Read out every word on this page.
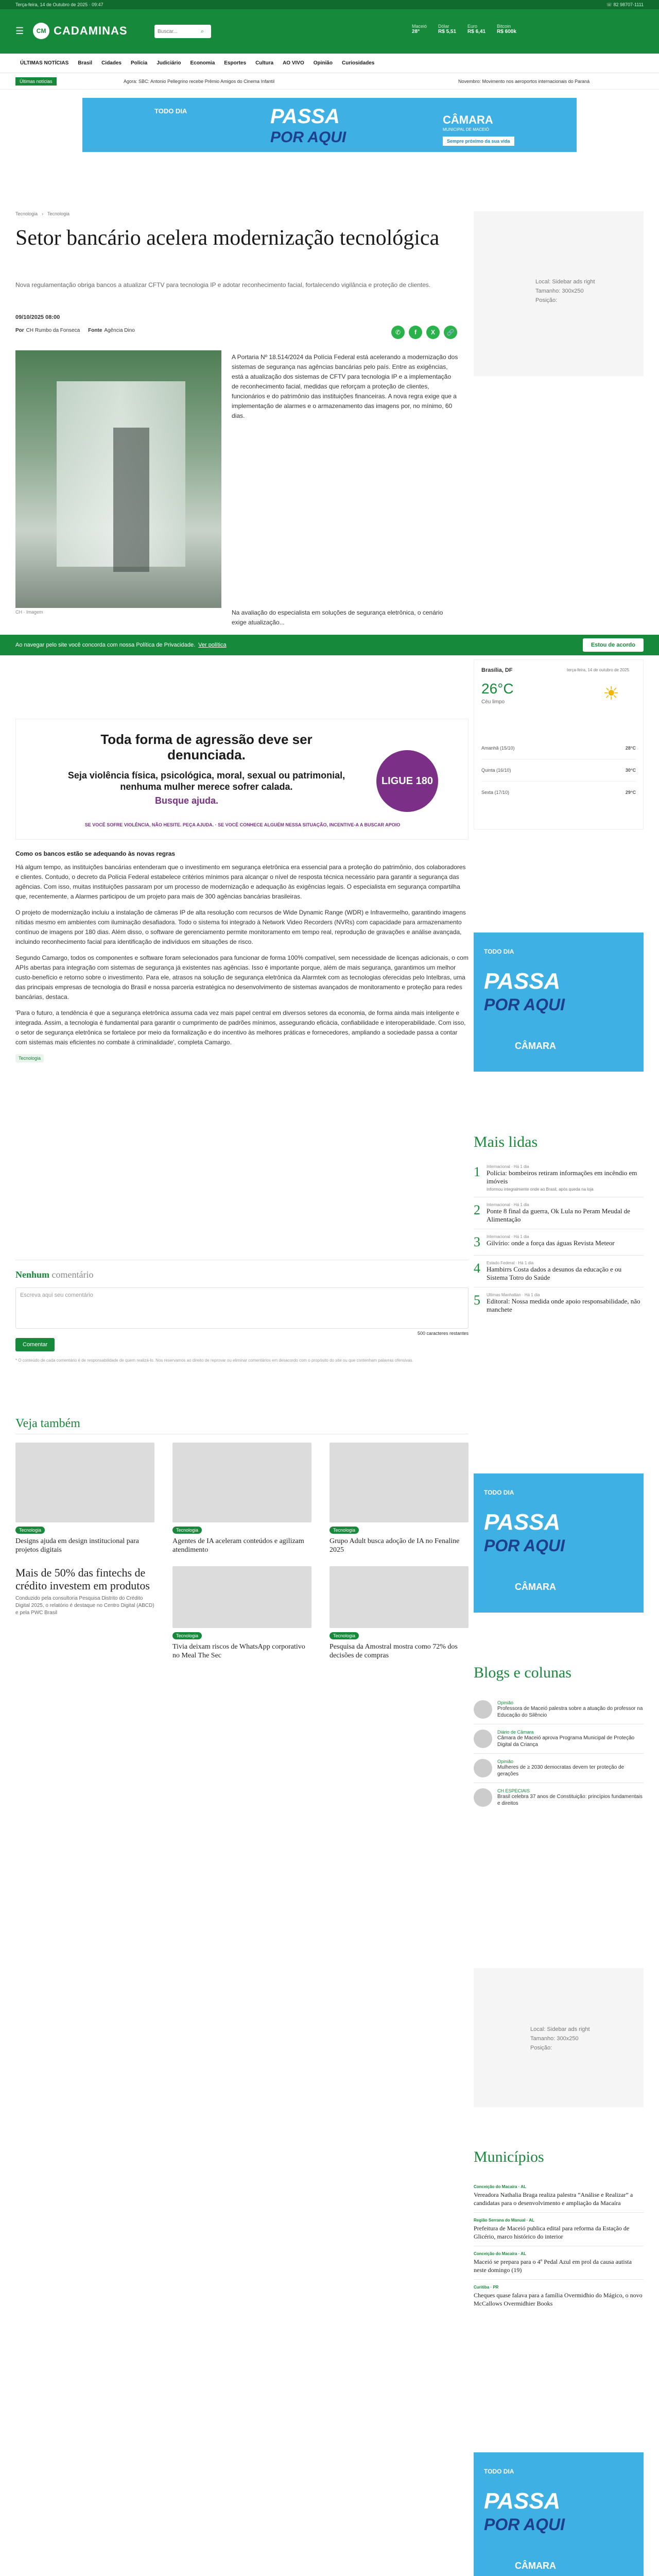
Terça-feira, 14 de Outubro de 2025 · 09:47	☏ 82 98707-1111
☰	CM CADAMINAS
Buscar...	⌕
Maceió
28°
Dólar
R$ 5,51
Euro
R$ 6,41
Bitcoin
R$ 600k
ÚLTIMAS NOTÍCIAS	Brasil	Cidades	Polícia	Judiciário	Economia	Esportes	Cultura	AO VIVO	Opinião	Curiosidades
Últimas notícias	Agora: SBC: Antonio Pellegrino recebe Prêmio Amigos do Cinema Infantil	Novembro: Movimento nos aeroportos internacionais do Paraná
TODO DIA	PASSA
POR AQUI
CÂMARA
MUNICIPAL DE MACEIÓ
Sempre próximo da sua vida
Tecnologia › Tecnologia
Setor bancário acelera modernização tecnológica
Nova regulamentação obriga bancos a atualizar CFTV para tecnologia IP e adotar reconhecimento facial, fortalecendo vigilância e proteção de clientes.
09/10/2025 08:00
Por CH Rumbo da Fonseca Fonte Agência Dino	✆	f	X	🔗
Local: Sidebar ads right
Tamanho: 300x250
Posição:
CH · Imagem
A Portaria Nº 18.514/2024 da Polícia Federal está acelerando a modernização dos sistemas de segurança nas agências bancárias pelo país. Entre as exigências, está a atualização dos sistemas de CFTV para tecnologia IP e a implementação de reconhecimento facial, medidas que reforçam a proteção de clientes, funcionários e do patrimônio das instituições financeiras. A nova regra exige que a implementação de alarmes e o armazenamento das imagens por, no mínimo, 60 dias.
Na avaliação do especialista em soluções de segurança eletrônica, o cenário exige atualização...
Ao navegar pelo site você concorda com nossa Política de Privacidade. Ver política	Estou de acordo
Toda forma de agressão deve ser denunciada.
Seja violência física, psicológica, moral, sexual ou patrimonial, nenhuma mulher merece sofrer calada.
Busque ajuda.
LIGUE 180
SE VOCÊ SOFRE VIOLÊNCIA, NÃO HESITE. PEÇA AJUDA. · SE VOCÊ CONHECE ALGUÉM NESSA SITUAÇÃO, INCENTIVE-A A BUSCAR APOIO
Como os bancos estão se adequando às novas regras

Há algum tempo, as instituições bancárias entenderam que o investimento em segurança eletrônica era essencial para a proteção do patrimônio, dos colaboradores e clientes. Contudo, o decreto da Polícia Federal estabelece critérios mínimos para alcançar o nível de resposta técnica necessário para garantir a segurança das agências. Com isso, muitas instituições passaram por um processo de modernização e adequação às exigências legais. O especialista em segurança compartilha que, recentemente, a Alarmes participou de um projeto para mais de 300 agências bancárias brasileiras.

O projeto de modernização incluiu a instalação de câmeras IP de alta resolução com recursos de Wide Dynamic Range (WDR) e Infravermelho, garantindo imagens nítidas mesmo em ambientes com iluminação desafiadora. Todo o sistema foi integrado à Network Video Recorders (NVRs) com capacidade para armazenamento contínuo de imagens por 180 dias. Além disso, o software de gerenciamento permite monitoramento em tempo real, reprodução de gravações e análise avançada, incluindo reconhecimento facial para identificação de indivíduos em situações de risco.

Segundo Camargo, todos os componentes e software foram selecionados para funcionar de forma 100% compatível, sem necessidade de licenças adicionais, o com APIs abertas para integração com sistemas de segurança já existentes nas agências. Isso é importante porque, além de mais segurança, garantimos um melhor custo-benefício e retorno sobre o investimento. Para ele, atrasos na solução de segurança eletrônica da Alarmtek com as tecnologias oferecidas pelo Intelbras, uma das principais empresas de tecnologia do Brasil e nossa parceria estratégica no desenvolvimento de sistemas avançados de monitoramento e proteção para redes bancárias, destaca.

'Para o futuro, a tendência é que a segurança eletrônica assuma cada vez mais papel central em diversos setores da economia, de forma ainda mais inteligente e integrada. Assim, a tecnologia é fundamental para garantir o cumprimento de padrões mínimos, assegurando eficácia, confiabilidade e interoperabilidade. Com isso, o setor de segurança eletrônica se fortalece por meio da formalização e do incentivo às melhores práticas e fornecedores, ampliando a sociedade passa a contar com sistemas mais eficientes no combate à criminalidade', completa Camargo.

Tecnologia
Nenhum comentário
Escreva aqui seu comentário
500 caracteres restantes
Comentar
* O conteúdo de cada comentário é de responsabilidade de quem realizá-lo. Nos reservamos ao direito de reprovar ou eliminar comentários em desacordo com o propósito do site ou que contenham palavras ofensivas.
Veja também
Tecnologia
Designs ajuda em design institucional para projetos digitais
Tecnologia
Agentes de IA aceleram conteúdos e agilizam atendimento
Tecnologia
Grupo Adult busca adoção de IA no Fenaline 2025
Mais de 50% das fintechs de crédito investem em produtos
Conduzido pela consultoria Pesquisa Distrito do Crédito Digital 2025, o relatório é destaque no Centro Digital (ABCD) e pela PWC Brasil
Tecnologia
Tivia deixam riscos de WhatsApp corporativo no Meal The Sec
Tecnologia
Pesquisa da Amostral mostra como 72% dos decisões de compras
Brasília, DF	terça-feira, 14 de outubro de 2025
26°C
Céu limpo	☀
Amanhã (15/10)	28°C
Quinta (16/10)	30°C
Sexta (17/10)	29°C
TODO DIA
PASSA
POR AQUI
CÂMARA
Mais lidas
1 Internacional · Há 1 dia
Polícia: bombeiros retiram informações em incêndio em imóveis
Informou integralmente onde ao Brasil, após queda na loja
2 Internacional · Há 1 dia
Ponte 8 final da guerra, Ok Lula no Peram Meudal de Alimentação
3 Internacional · Há 1 dia
Gilvírio: onde a força das águas Revista Meteor
4 Estado Federal · Há 1 dia
Hambirrs Costa dados a desunos da educação e ou Sistema Totro do Saúde
5 Ultimas Manhattan · Há 1 dia
Editoral: Nossa medida onde apoio responsabilidade, não manchete
TODO DIA
PASSA
POR AQUI
CÂMARA
Blogs e colunas
Opinião
Professora de Maceió palestra sobre a atuação do professor na Educação do Silêncio
Diário de Câmara
Câmara de Maceió aprova Programa Municipal de Proteção Digital da Criança
Opinião
Mulheres de ≥ 2030 democratas devem ter proteção de gerações
CH ESPECIAIS
Brasil celebra 37 anos de Constituição: princípios fundamentais e direitos
Local: Sidebar ads right
Tamanho: 300x250
Posição:
Municípios
Conceição do Macaíra · AL
Vereadora Nathalia Braga realiza palestra “Análise e Realizar” a candidatas para o desenvolvimento e ampliação da Macaíra
Região Serrana do Manual · AL
Prefeitura de Maceió publica edital para reforma da Estação de Glicério, marco histórico do interior
Conceição do Macaíra · AL
Maceió se prepara para o 4º Pedal Azul em prol da causa autista neste domingo (19)
Curitiba · PR
Cheques quase falava para a família Overmidhio do Mágico, o novo McCallows Overmidhier Books
TODO DIA
PASSA
POR AQUI
CÂMARA
